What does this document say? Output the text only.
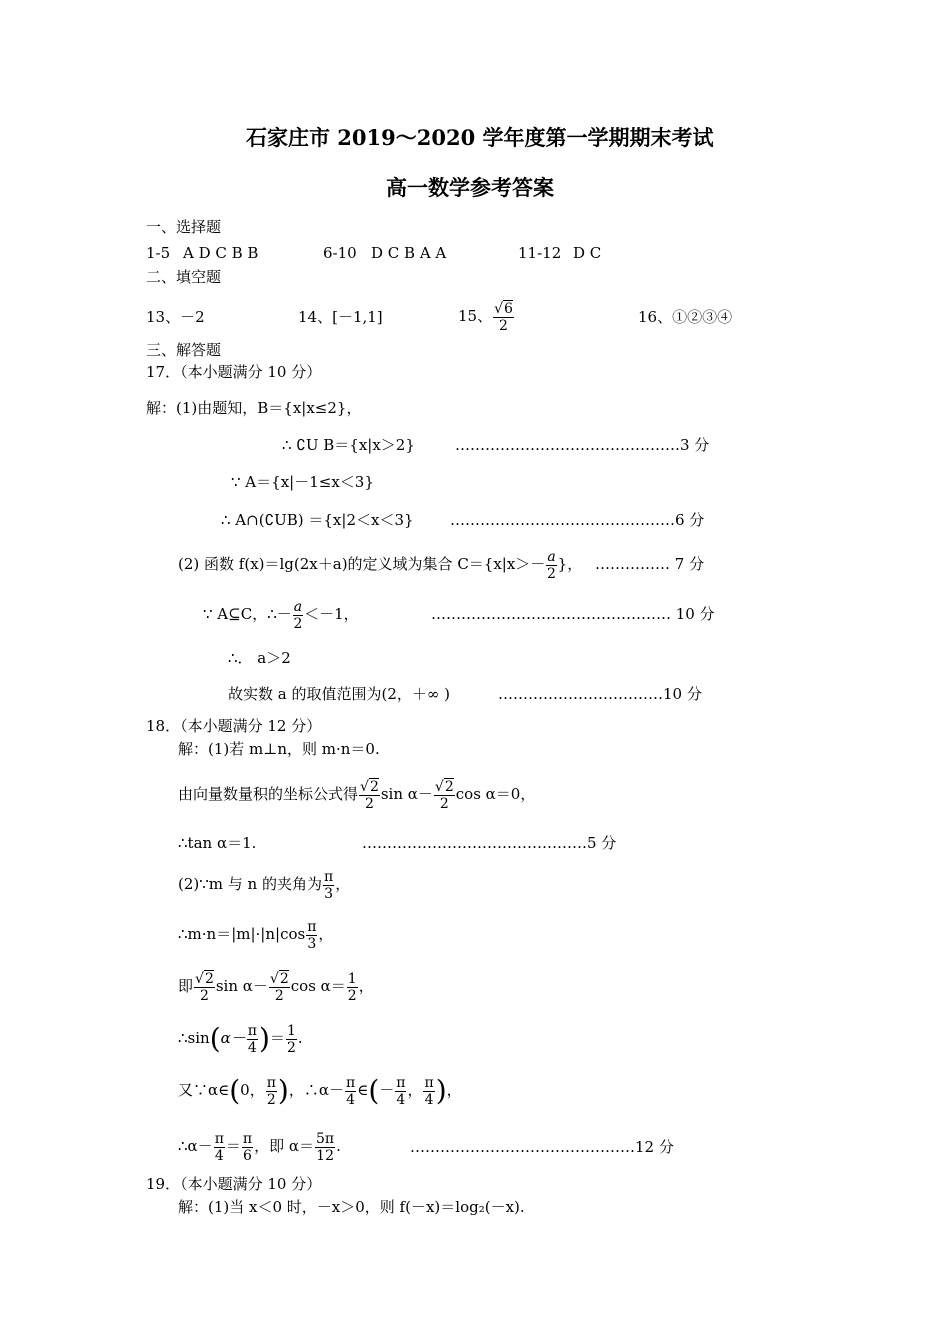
石家庄市 2019～2020 学年度第一学期期末考试
高一数学参考答案
一、选择题
1-5 A D C B B	6-10 D C B A A	11-12 D C
二、填空题
13、－2	14、[－1,1]	15、 $\frac{√6}{2}$	16、①②③④
三、解答题
17．（本小题满分 10 分）
解：(1)由题知，B＝{x|x≤2}，
∴ ∁U B＝{x|x＞2}	………………………………………3 分
∵ A＝{x|－1≤x＜3}
∴ A∩(∁UB) ＝{x|2＜x＜3} ………………………………………6 分
(2) 函数 f(x)＝lg(2x＋a)的定义域为集合 $C=\{x|x>- \frac{a}{2}$ }， …………… 7 分
∵ A⊆C，∴－ $\frac{a}{2} <-1$，	………………………………………… 10 分
∴． a＞2
故实数 a 的取值范围为(2，＋∞ )	……………………………10 分
18．（本小题满分 12 分）
解：(1)若 m⊥n，则 m·n＝0.
由向量数量积的坐标公式得 $\frac{√2}{2}$ $\sin \alpha- \frac{√2}{2}$ cos α＝0，
∴tan α＝1.	………………………………………5 分
(2)∵m 与 n 的夹角为 $\frac{\pi}{3}$ ，
∴m·n＝|m|·|n|cos $\frac{\pi}{3}$ ，
即 $\frac{√2}{2}$ $\sin \alpha- \frac{√2}{2}$ $\cos \alpha= \frac{1}{2}$ ，
∴sin(α－ $\frac{\pi}{4}$ )＝ $\frac{1}{2}$ .
又∵α∈(0， $\frac{\pi}{2}$ )，∴α－ $\frac{\pi}{4}$ ∈(－ $\frac{\pi}{4}$ ， $\frac{\pi}{4}$ )，
∴α－ $\frac{\pi}{4} = \frac{\pi}{6}$ ，即 $\alpha= \frac{5\pi}{12}$ .	………………………………………12 分
19．（本小题满分 10 分）
解：(1)当 x＜0 时，－x＞0，则 f(－x)＝log₂(－x).
